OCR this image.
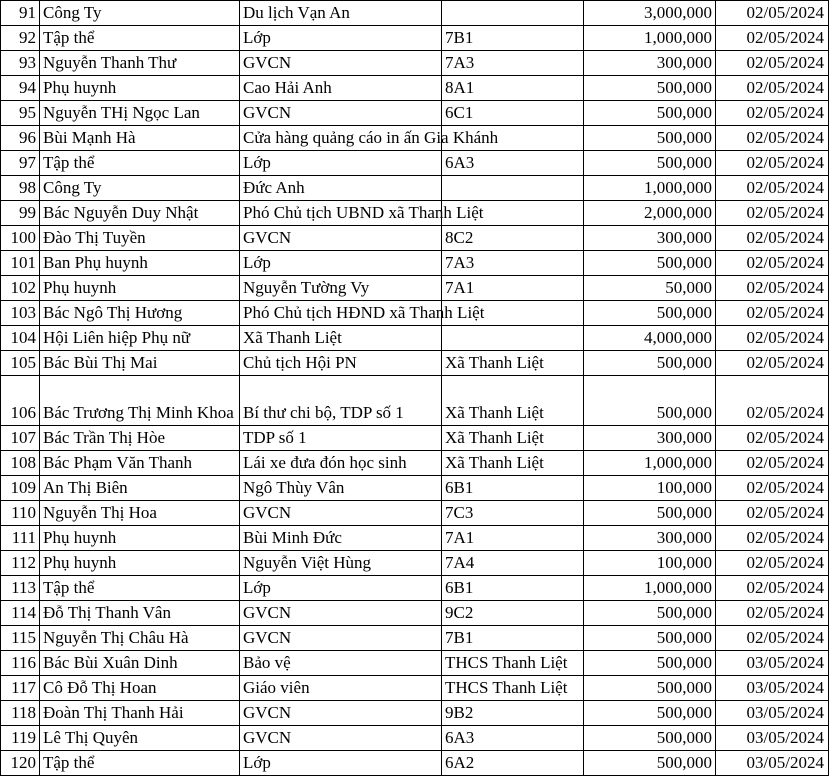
91	Công Ty	Du lịch Vạn An		3,000,000	02/05/2024
92	Tập thể	Lớp	7B1	1,000,000	02/05/2024
93	Nguyễn Thanh Thư	GVCN	7A3	300,000	02/05/2024
94	Phụ huynh	Cao Hải Anh	8A1	500,000	02/05/2024
95	Nguyễn THị Ngọc Lan	GVCN	6C1	500,000	02/05/2024
96	Bùi Mạnh Hà	Cửa hàng quảng cáo in ấn Gia Khánh		500,000	02/05/2024
97	Tập thể	Lớp	6A3	500,000	02/05/2024
98	Công Ty	Đức Anh		1,000,000	02/05/2024
99	Bác Nguyễn Duy Nhật	Phó Chủ tịch UBND xã Thanh Liệt		2,000,000	02/05/2024
100	Đào Thị Tuyền	GVCN	8C2	300,000	02/05/2024
101	Ban Phụ huynh	Lớp	7A3	500,000	02/05/2024
102	Phụ huynh	Nguyễn Tường Vy	7A1	50,000	02/05/2024
103	Bác Ngô Thị Hương	Phó Chủ tịch HĐND xã Thanh Liệt		500,000	02/05/2024
104	Hội Liên hiệp Phụ nữ	Xã Thanh Liệt		4,000,000	02/05/2024
105	Bác Bùi Thị Mai	Chủ tịch Hội PN	Xã Thanh Liệt	500,000	02/05/2024
106	Bác Trương Thị Minh Khoa	Bí thư chi bộ, TDP số 1	Xã Thanh Liệt	500,000	02/05/2024
107	Bác Trần Thị Hòe	TDP số 1	Xã Thanh Liệt	300,000	02/05/2024
108	Bác Phạm Văn Thanh	Lái xe đưa đón học sinh	Xã Thanh Liệt	1,000,000	02/05/2024
109	An Thị Biên	Ngô Thùy Vân	6B1	100,000	02/05/2024
110	Nguyễn Thị Hoa	GVCN	7C3	500,000	02/05/2024
111	Phụ huynh	Bùi Minh Đức	7A1	300,000	02/05/2024
112	Phụ huynh	Nguyễn Việt Hùng	7A4	100,000	02/05/2024
113	Tập thể	Lớp	6B1	1,000,000	02/05/2024
114	Đỗ Thị Thanh Vân	GVCN	9C2	500,000	02/05/2024
115	Nguyễn Thị Châu Hà	GVCN	7B1	500,000	02/05/2024
116	Bác Bùi Xuân Dinh	Bảo vệ	THCS Thanh Liệt	500,000	03/05/2024
117	Cô Đỗ Thị Hoan	Giáo viên	THCS Thanh Liệt	500,000	03/05/2024
118	Đoàn Thị Thanh Hải	GVCN	9B2	500,000	03/05/2024
119	Lê Thị Quyên	GVCN	6A3	500,000	03/05/2024
120	Tập thể	Lớp	6A2	500,000	03/05/2024
